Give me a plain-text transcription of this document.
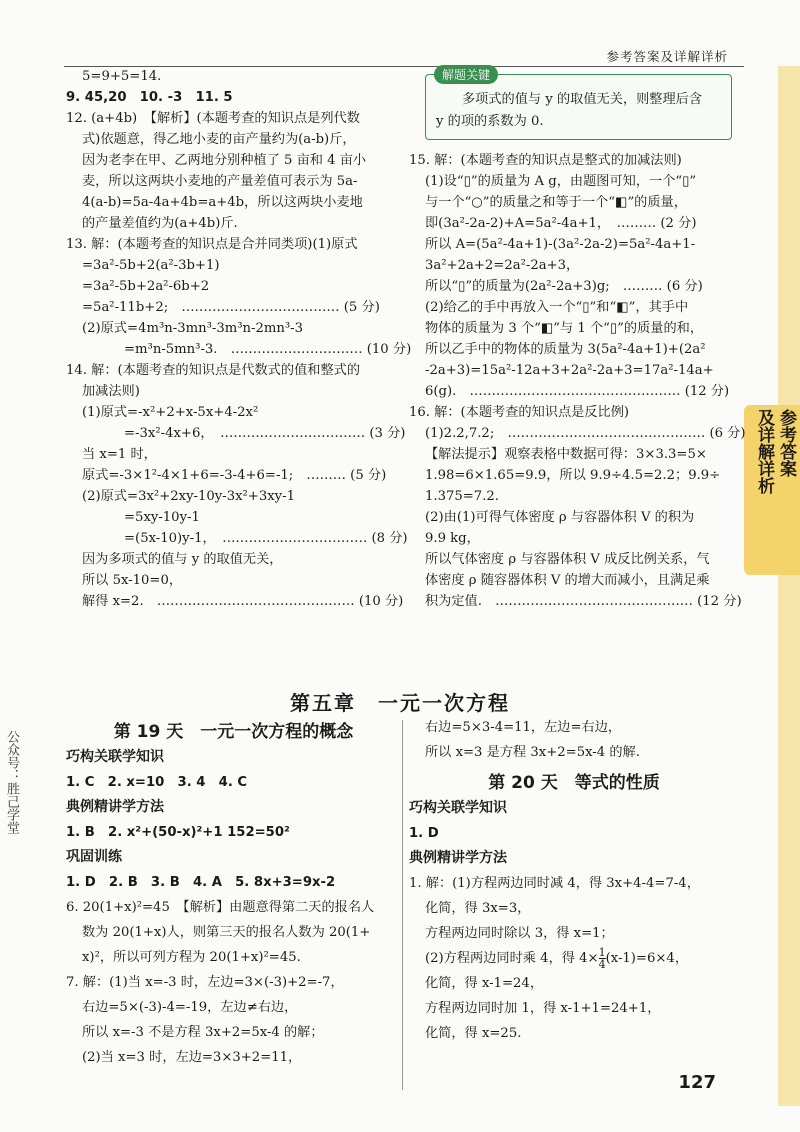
参考答案及详解详析
参考答案
及详解详析
公众号：胜己学堂

5=9+5=14.

9. 45,20　10. -3　11. 5

12. (a+4b)　【解析】(本题考查的知识点是列代数

式)依题意，得乙地小麦的亩产量约为(a-b)斤，

因为老李在甲、乙两地分别种植了 5 亩和 4 亩小

麦，所以这两块小麦地的产量差值可表示为 5a-

4(a-b)=5a-4a+4b=a+4b，所以这两块小麦地

的产量差值约为(a+4b)斤.

13. 解：(本题考查的知识点是合并同类项)(1)原式

=3a²-5b+2(a²-3b+1)

=3a²-5b+2a²-6b+2

=5a²-11b+2;　……………………………… (5 分)

(2)原式=4m³n-3mn³-3m³n-2mn³-3

=m³n-5mn³-3.　………………………… (10 分)

14. 解：(本题考查的知识点是代数式的值和整式的

加减法则)

(1)原式=-x²+2+x-5x+4-2x²

=-3x²-4x+6，　…………………………… (3 分)

当 x=1 时，

原式=-3×1²-4×1+6=-3-4+6=-1;　……… (5 分)

(2)原式=3x²+2xy-10y-3x²+3xy-1

=5xy-10y-1

=(5x-10)y-1，　…………………………… (8 分)

因为多项式的值与 y 的取值无关，

所以 5x-10=0，

解得 x=2.　……………………………………… (10 分)

解题关键
多项式的值与 y 的取值无关，则整理后含
y 的项的系数为 0.

15. 解：(本题考查的知识点是整式的加减法则)

(1)设“▯”的质量为 A g，由题图可知，一个“▯”

与一个“○”的质量之和等于一个“◧”的质量，

即(3a²-2a-2)+A=5a²-4a+1，　……… (2 分)

所以 A=(5a²-4a+1)-(3a²-2a-2)=5a²-4a+1-

3a²+2a+2=2a²-2a+3，

所以“▯”的质量为(2a²-2a+3)g;　……… (6 分)

(2)给乙的手中再放入一个“▯”和“◧”，其手中

物体的质量为 3 个“◧”与 1 个“▯”的质量的和，

所以乙手中的物体的质量为 3(5a²-4a+1)+(2a²

-2a+3)=15a²-12a+3+2a²-2a+3=17a²-14a+

6(g).　………………………………………… (12 分)

16. 解：(本题考查的知识点是反比例)

(1)2.2,7.2;　……………………………………… (6 分)

【解法提示】观察表格中数据可得：3×3.3=5×

1.98=6×1.65=9.9，所以 9.9÷4.5=2.2；9.9÷

1.375=7.2.

(2)由(1)可得气体密度 ρ 与容器体积 V 的积为

9.9 kg，

所以气体密度 ρ 与容器体积 V 成反比例关系，气

体密度 ρ 随容器体积 V 的增大而减小，且满足乘

积为定值.　……………………………………… (12 分)

第五章　一元一次方程

第 19 天　一元一次方程的概念

巧构关联学知识

1. C　2. x=10　3. 4　4. C

典例精讲学方法

1. B　2. x²+(50-x)²+1 152=50²

巩固训练

1. D　2. B　3. B　4. A　5. 8x+3=9x-2

6. 20(1+x)²=45　【解析】由题意得第二天的报名人

数为 20(1+x)人，则第三天的报名人数为 20(1+

x)²，所以可列方程为 20(1+x)²=45.

7. 解：(1)当 x=-3 时，左边=3×(-3)+2=-7，

右边=5×(-3)-4=-19，左边≠右边，

所以 x=-3 不是方程 3x+2=5x-4 的解；

(2)当 x=3 时，左边=3×3+2=11，

右边=5×3-4=11，左边=右边，

所以 x=3 是方程 3x+2=5x-4 的解.

第 20 天　等式的性质

巧构关联学知识

1. D

典例精讲学方法

1. 解：(1)方程两边同时减 4，得 3x+4-4=7-4，

化简，得 3x=3，

方程两边同时除以 3，得 x=1；

(2)方程两边同时乘 4，得 $4\times \frac{1}{4} (x-1)=6\times 4$，

化简，得 x-1=24，

方程两边同时加 1，得 x-1+1=24+1，

化简，得 x=25.

127
